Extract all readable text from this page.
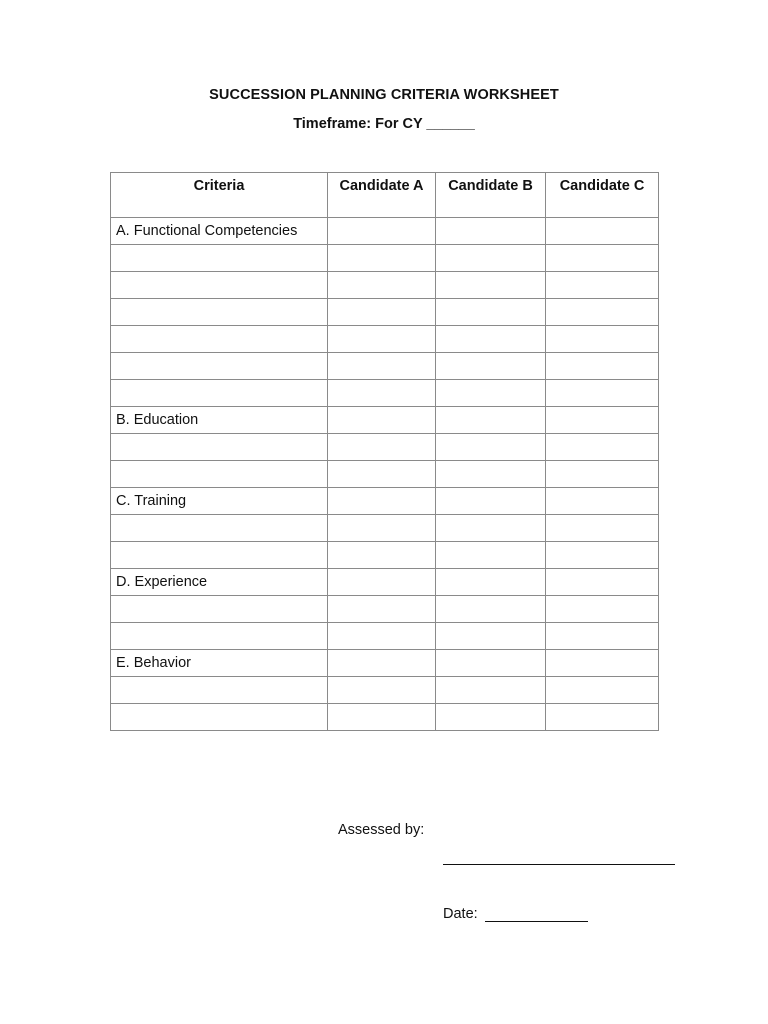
SUCCESSION PLANNING CRITERIA WORKSHEET
Timeframe: For CY ______
Criteria	Candidate A	Candidate B	Candidate C
A. Functional Competencies			

B. Education			

C. Training			

D. Experience			

E. Behavior			

Assessed by:
Date:
